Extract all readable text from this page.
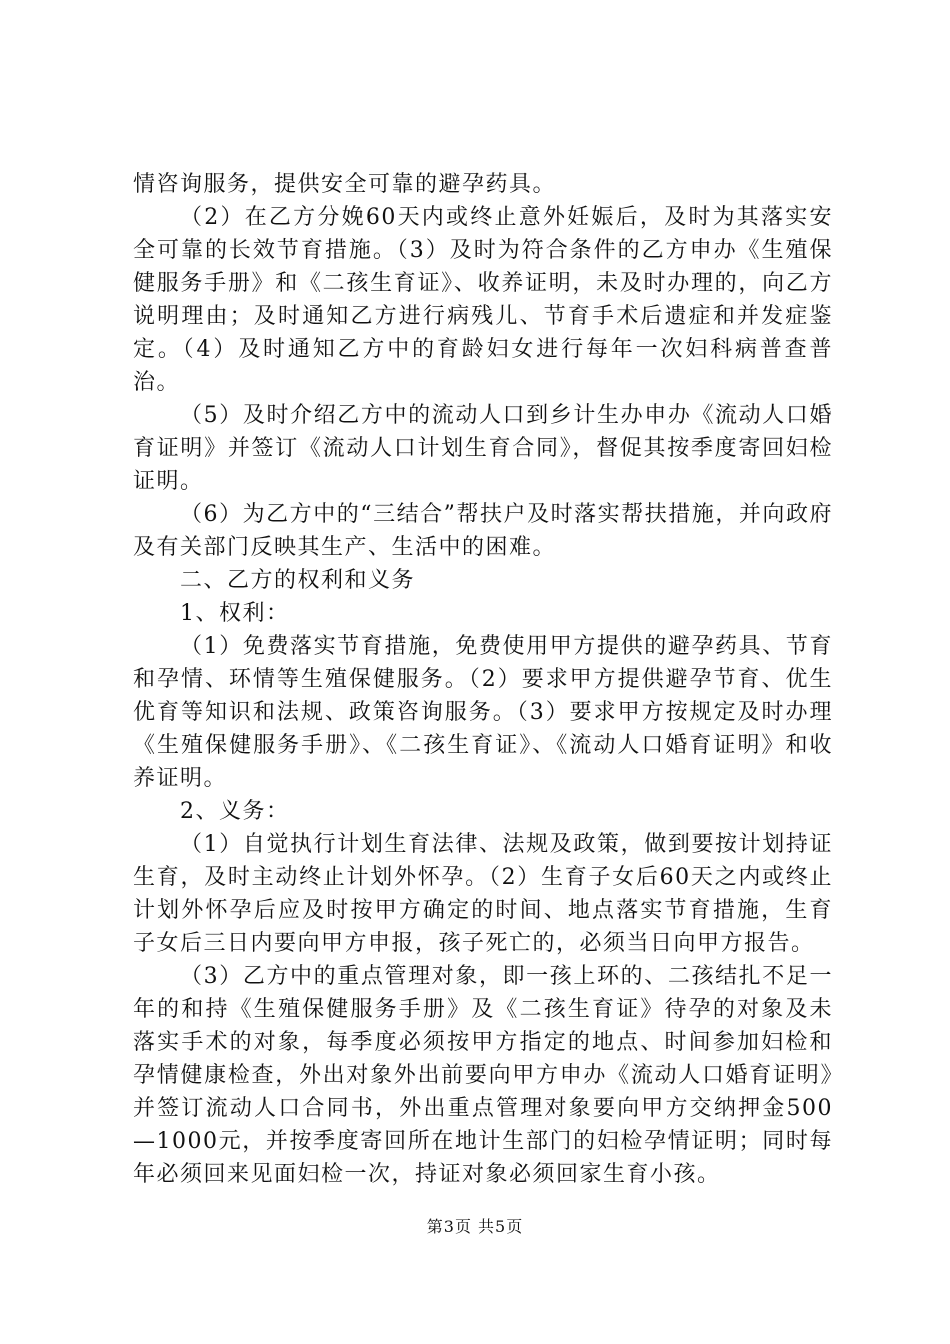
情咨询服务，提供安全可靠的避孕药具。

（2）在乙方分娩60天内或终止意外妊娠后，及时为其落实安全可靠的长效节育措施。（3）及时为符合条件的乙方申办《生殖保健服务手册》和《二孩生育证》、收养证明，未及时办理的，向乙方说明理由；及时通知乙方进行病残儿、节育手术后遗症和并发症鉴定。（4）及时通知乙方中的育龄妇女进行每年一次妇科病普查普治。

（5）及时介绍乙方中的流动人口到乡计生办申办《流动人口婚育证明》并签订《流动人口计划生育合同》，督促其按季度寄回妇检证明。

（6）为乙方中的“三结合”帮扶户及时落实帮扶措施，并向政府及有关部门反映其生产、生活中的困难。

二、乙方的权利和义务

1、权利：

（1）免费落实节育措施，免费使用甲方提供的避孕药具、节育和孕情、环情等生殖保健服务。（2）要求甲方提供避孕节育、优生优育等知识和法规、政策咨询服务。（3）要求甲方按规定及时办理《生殖保健服务手册》、《二孩生育证》、《流动人口婚育证明》和收养证明。

2、义务：

（1）自觉执行计划生育法律、法规及政策，做到要按计划持证生育，及时主动终止计划外怀孕。（2）生育子女后60天之内或终止计划外怀孕后应及时按甲方确定的时间、地点落实节育措施，生育子女后三日内要向甲方申报，孩子死亡的，必须当日向甲方报告。

（3）乙方中的重点管理对象，即一孩上环的、二孩结扎不足一年的和持《生殖保健服务手册》及《二孩生育证》待孕的对象及未落实手术的对象，每季度必须按甲方指定的地点、时间参加妇检和孕情健康检查，外出对象外出前要向甲方申办《流动人口婚育证明》并签订流动人口合同书，外出重点管理对象要向甲方交纳押金500—1000元，并按季度寄回所在地计生部门的妇检孕情证明；同时每年必须回来见面妇检一次，持证对象必须回家生育小孩。

第3页 共5页
